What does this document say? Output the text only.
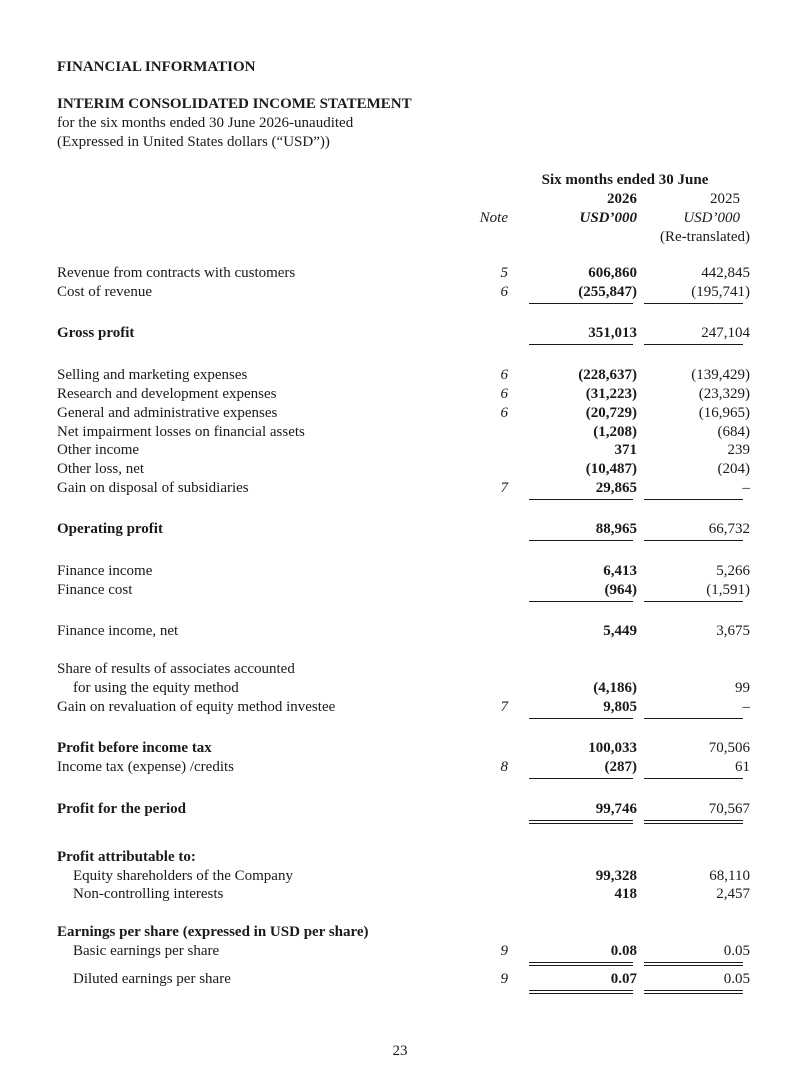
FINANCIAL INFORMATION
INTERIM CONSOLIDATED INCOME STATEMENT
for the six months ended 30 June 2026-unaudited
(Expressed in United States dollars (“USD”))
Six months ended 30 June
2026	2025
Note	USD’000	USD’000
(Re-translated)
Revenue from contracts with customers	5	606,860	442,845
Cost of revenue	6	(255,847)	(195,741)
Gross profit	351,013	247,104
Selling and marketing expenses	6	(228,637)	(139,429)
Research and development expenses	6	(31,223)	(23,329)
General and administrative expenses	6	(20,729)	(16,965)
Net impairment losses on financial assets	(1,208)	(684)
Other income	371	239
Other loss, net	(10,487)	(204)
Gain on disposal of subsidiaries	7	29,865	–
Operating profit	88,965	66,732
Finance income	6,413	5,266
Finance cost	(964)	(1,591)
Finance income, net	5,449	3,675
Share of results of associates accounted
for using the equity method	(4,186)	99
Gain on revaluation of equity method investee	7	9,805	–
Profit before income tax	100,033	70,506
Income tax (expense) /credits	8	(287)	61
Profit for the period	99,746	70,567
Profit attributable to:
Equity shareholders of the Company	99,328	68,110
Non-controlling interests	418	2,457
Earnings per share (expressed in USD per share)
Basic earnings per share	9	0.08	0.05
Diluted earnings per share	9	0.07	0.05
23
